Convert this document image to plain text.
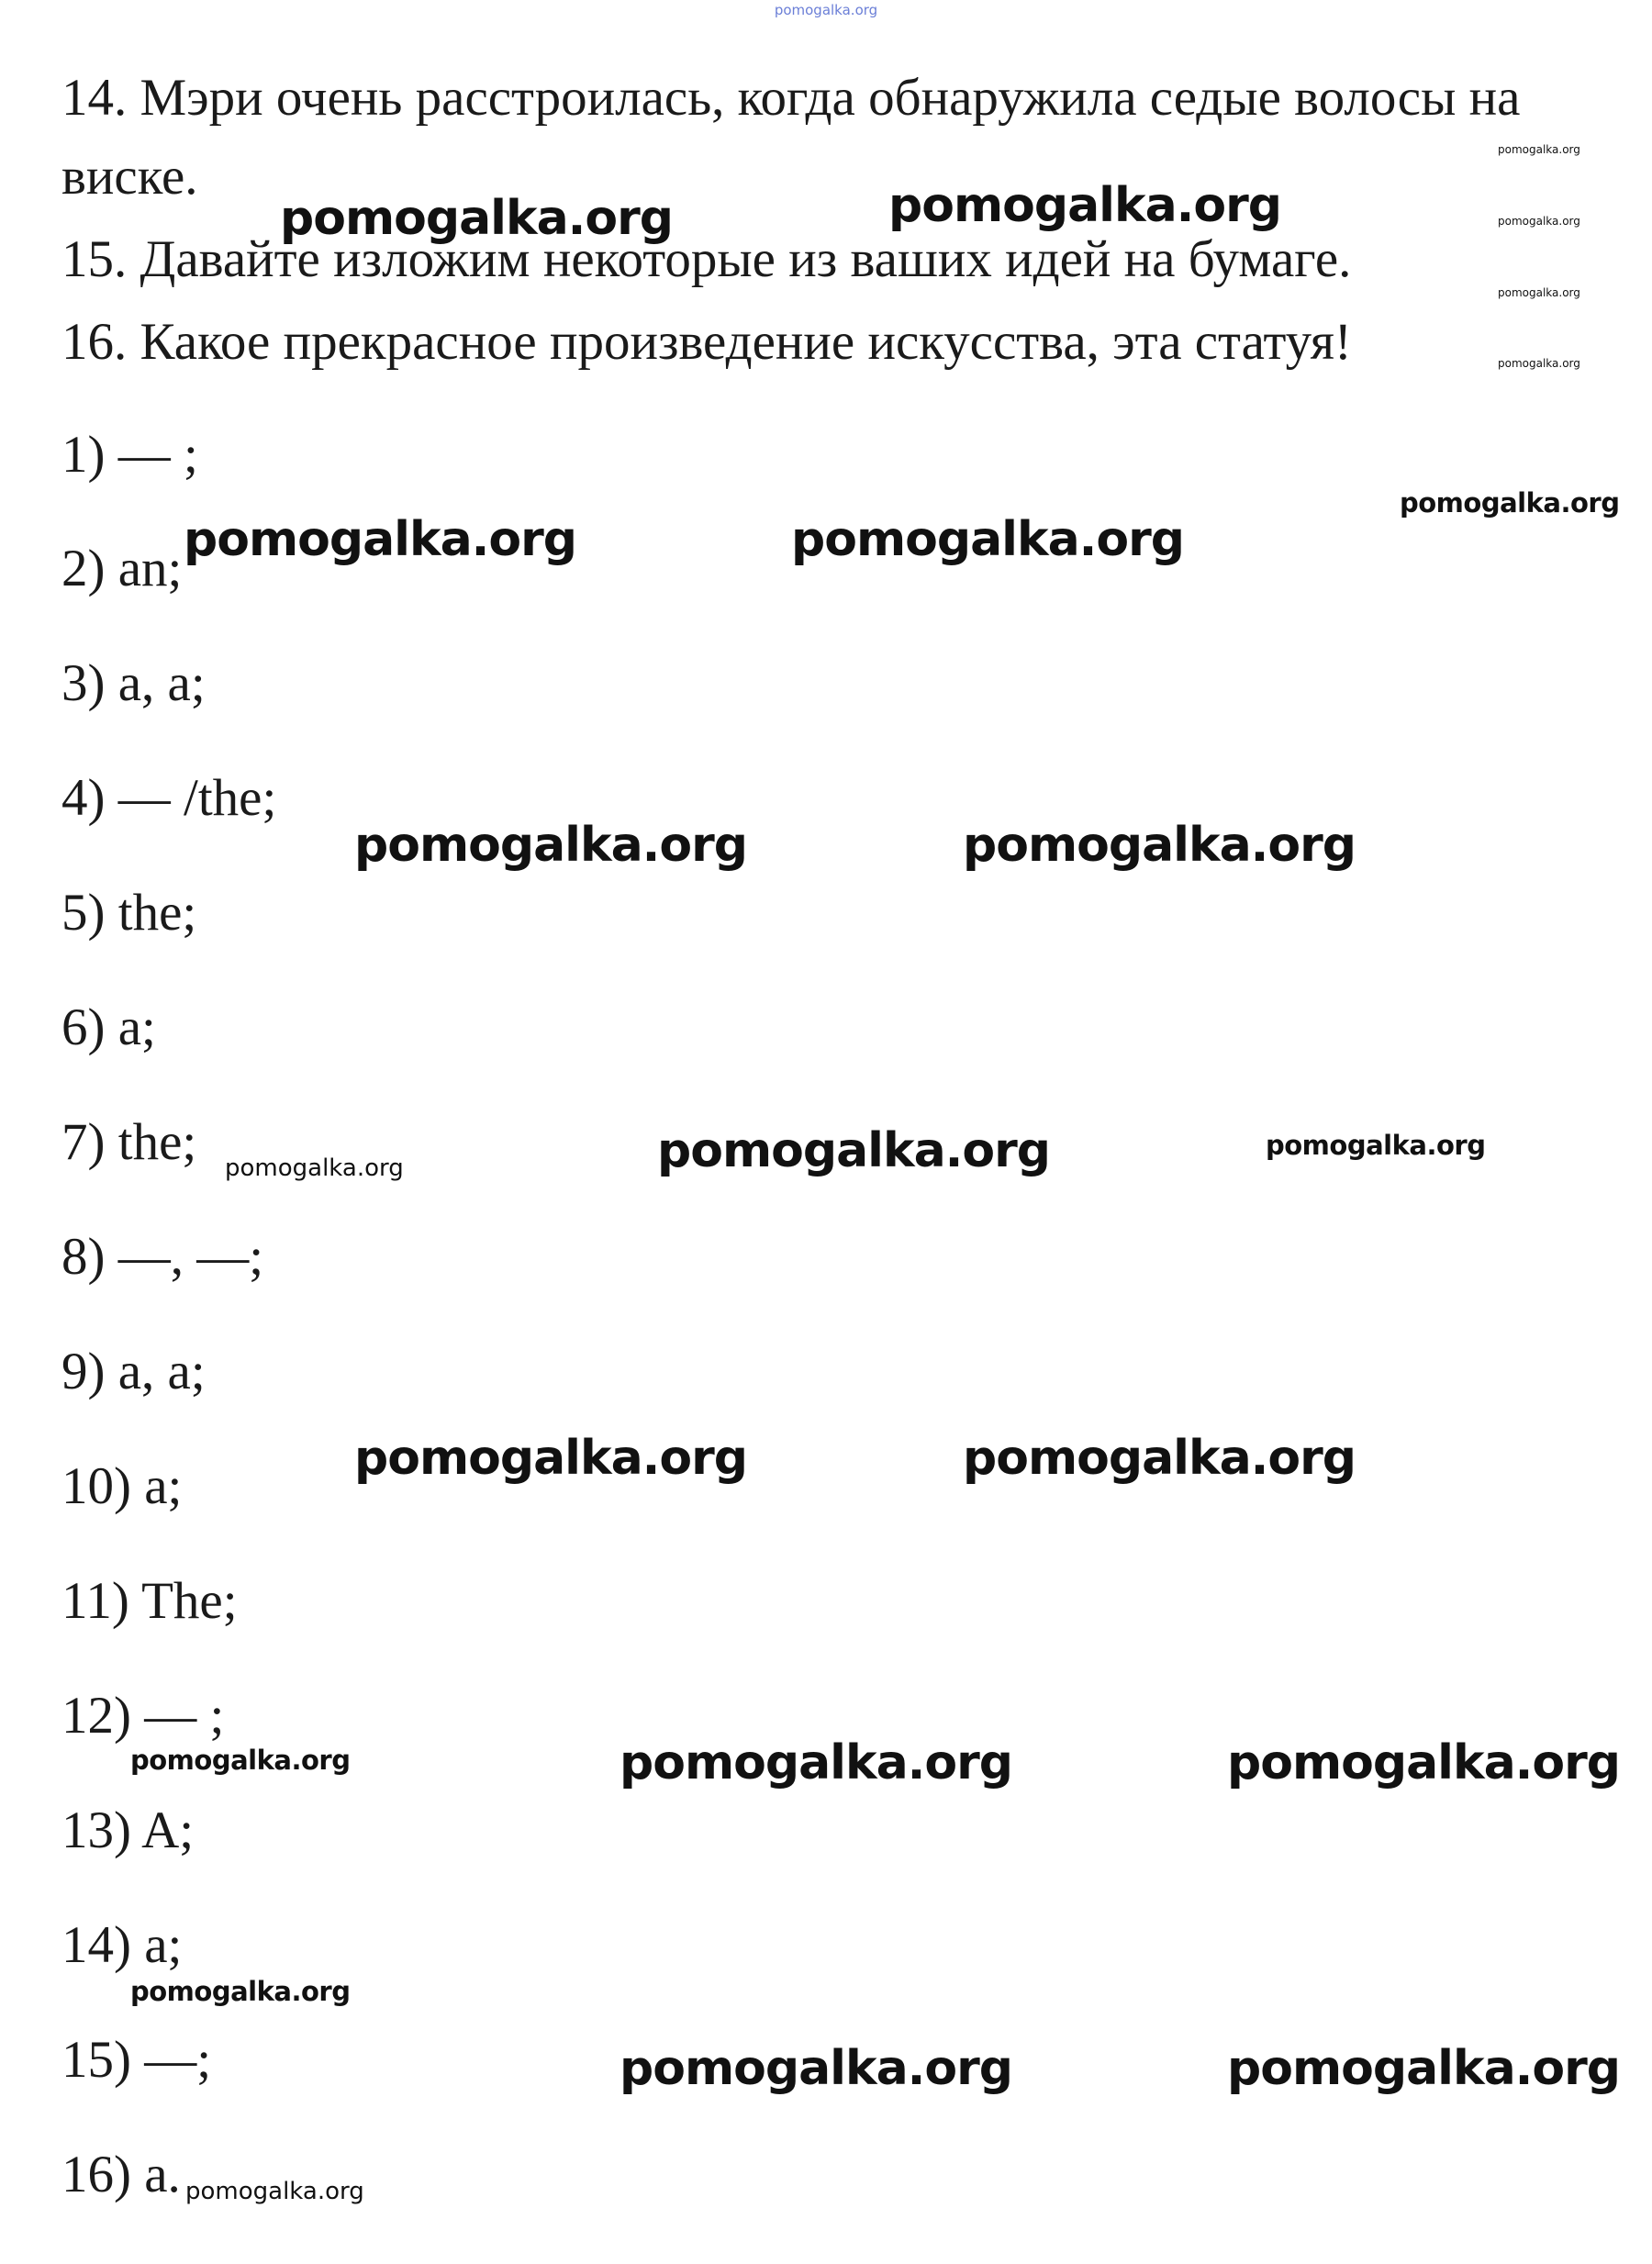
pomogalka.org
14. Мэри очень расстроилась, когда обнаружила седые волосы на
виске.
15. Давайте изложим некоторые из ваших идей на бумаге.
16. Какое прекрасное произведение искусства, эта статуя!
1) — ;
2) an;
3) a, a;
4) — /the;
5) the;
6) a;
7) the;
8) —, —;
9) a, a;
10) a;
11) The;
12) — ;
13) A;
14) a;
15) —;
16) a.
pomogalka.org
pomogalka.org
pomogalka.org
pomogalka.org
pomogalka.org	pomogalka.org
pomogalka.org
pomogalka.org	pomogalka.org
pomogalka.org	pomogalka.org
pomogalka.org	pomogalka.org	pomogalka.org
pomogalka.org	pomogalka.org
pomogalka.org	pomogalka.org	pomogalka.org
pomogalka.org
pomogalka.org	pomogalka.org
pomogalka.org
